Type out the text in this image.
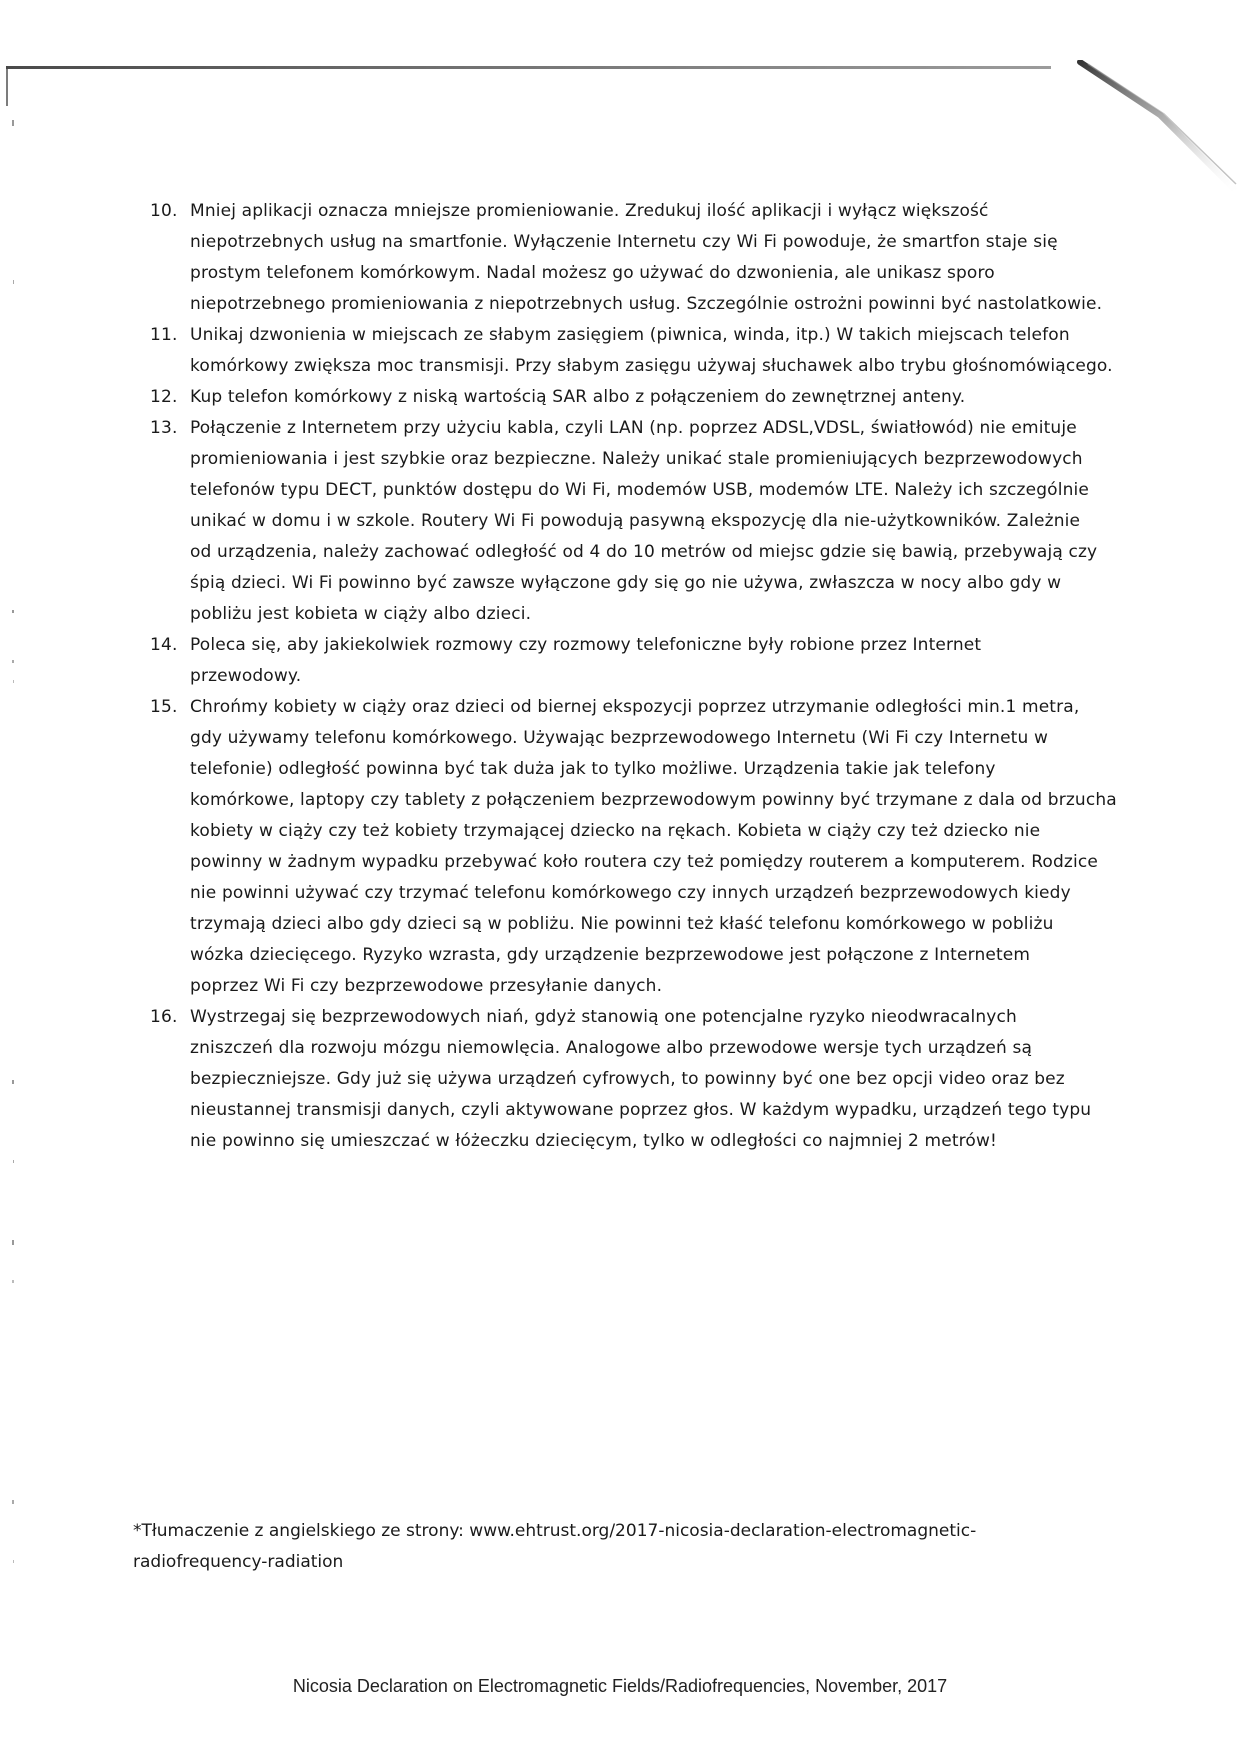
10. Mniej aplikacji oznacza mniejsze promieniowanie. Zredukuj ilość aplikacji i wyłącz większość
niepotrzebnych usług na smartfonie. Wyłączenie Internetu czy Wi Fi powoduje, że smartfon staje się
prostym telefonem komórkowym. Nadal możesz go używać do dzwonienia, ale unikasz sporo
niepotrzebnego promieniowania z niepotrzebnych usług. Szczególnie ostrożni powinni być nastolatkowie.

11. Unikaj dzwonienia w miejscach ze słabym zasięgiem (piwnica, winda, itp.) W takich miejscach telefon
komórkowy zwiększa moc transmisji. Przy słabym zasięgu używaj słuchawek albo trybu głośnomówiącego.

12. Kup telefon komórkowy z niską wartością SAR albo z połączeniem do zewnętrznej anteny.

13. Połączenie z Internetem przy użyciu kabla, czyli LAN (np. poprzez ADSL,VDSL, światłowód) nie emituje
promieniowania i jest szybkie oraz bezpieczne. Należy unikać stale promieniujących bezprzewodowych
telefonów typu DECT, punktów dostępu do Wi Fi, modemów USB, modemów LTE. Należy ich szczególnie
unikać w domu i w szkole. Routery Wi Fi powodują pasywną ekspozycję dla nie-użytkowników. Zależnie
od urządzenia, należy zachować odległość od 4 do 10 metrów od miejsc gdzie się bawią, przebywają czy
śpią dzieci. Wi Fi powinno być zawsze wyłączone gdy się go nie używa, zwłaszcza w nocy albo gdy w
pobliżu jest kobieta w ciąży albo dzieci.

14. Poleca się, aby jakiekolwiek rozmowy czy rozmowy telefoniczne były robione przez Internet
przewodowy.

15. Chrońmy kobiety w ciąży oraz dzieci od biernej ekspozycji poprzez utrzymanie odległości min.1 metra,
gdy używamy telefonu komórkowego. Używając bezprzewodowego Internetu (Wi Fi czy Internetu w
telefonie) odległość powinna być tak duża jak to tylko możliwe. Urządzenia takie jak telefony
komórkowe, laptopy czy tablety z połączeniem bezprzewodowym powinny być trzymane z dala od brzucha
kobiety w ciąży czy też kobiety trzymającej dziecko na rękach. Kobieta w ciąży czy też dziecko nie
powinny w żadnym wypadku przebywać koło routera czy też pomiędzy routerem a komputerem. Rodzice
nie powinni używać czy trzymać telefonu komórkowego czy innych urządzeń bezprzewodowych kiedy
trzymają dzieci albo gdy dzieci są w pobliżu. Nie powinni też kłaść telefonu komórkowego w pobliżu
wózka dziecięcego. Ryzyko wzrasta, gdy urządzenie bezprzewodowe jest połączone z Internetem
poprzez Wi Fi czy bezprzewodowe przesyłanie danych.

16. Wystrzegaj się bezprzewodowych niań, gdyż stanowią one potencjalne ryzyko nieodwracalnych
zniszczeń dla rozwoju mózgu niemowlęcia. Analogowe albo przewodowe wersje tych urządzeń są
bezpieczniejsze. Gdy już się używa urządzeń cyfrowych, to powinny być one bez opcji video oraz bez
nieustannej transmisji danych, czyli aktywowane poprzez głos. W każdym wypadku, urządzeń tego typu
nie powinno się umieszczać w łóżeczku dziecięcym, tylko w odległości co najmniej 2 metrów!

*Tłumaczenie z angielskiego ze strony: www.ehtrust.org/2017-nicosia-declaration-electromagnetic-
radiofrequency-radiation

Nicosia Declaration on Electromagnetic Fields/Radiofrequencies, November, 2017
